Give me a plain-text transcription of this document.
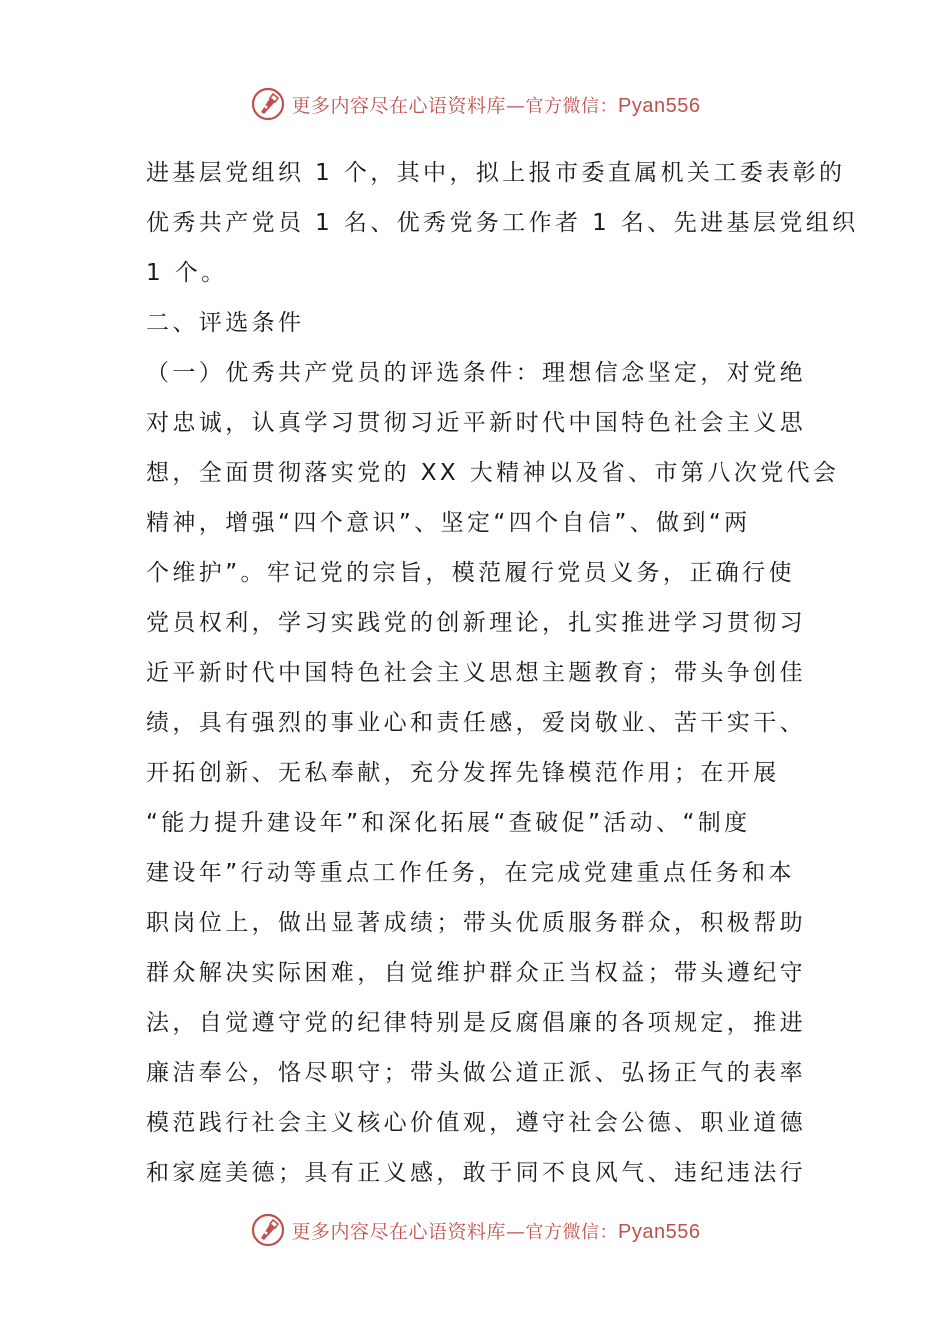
更多内容尽在心语资料库—官方微信：Pyan556
进基层党组织 1 个，其中，拟上报市委直属机关工委表彰的
优秀共产党员 1 名、优秀党务工作者 1 名、先进基层党组织
1 个。
二、评选条件
（一）优秀共产党员的评选条件：理想信念坚定，对党绝
对忠诚，认真学习贯彻习近平新时代中国特色社会主义思
想，全面贯彻落实党的 XX 大精神以及省、市第八次党代会
精神，增强“四个意识”、坚定“四个自信”、做到“两
个维护”。牢记党的宗旨，模范履行党员义务，正确行使
党员权利，学习实践党的创新理论，扎实推进学习贯彻习
近平新时代中国特色社会主义思想主题教育；带头争创佳
绩，具有强烈的事业心和责任感，爱岗敬业、苦干实干、
开拓创新、无私奉献，充分发挥先锋模范作用；在开展
“能力提升建设年”和深化拓展“查破促”活动、“制度
建设年”行动等重点工作任务，在完成党建重点任务和本
职岗位上，做出显著成绩；带头优质服务群众，积极帮助
群众解决实际困难，自觉维护群众正当权益；带头遵纪守
法，自觉遵守党的纪律特别是反腐倡廉的各项规定，推进
廉洁奉公，恪尽职守；带头做公道正派、弘扬正气的表率
模范践行社会主义核心价值观，遵守社会公德、职业道德
和家庭美德；具有正义感，敢于同不良风气、违纪违法行
更多内容尽在心语资料库—官方微信：Pyan556
